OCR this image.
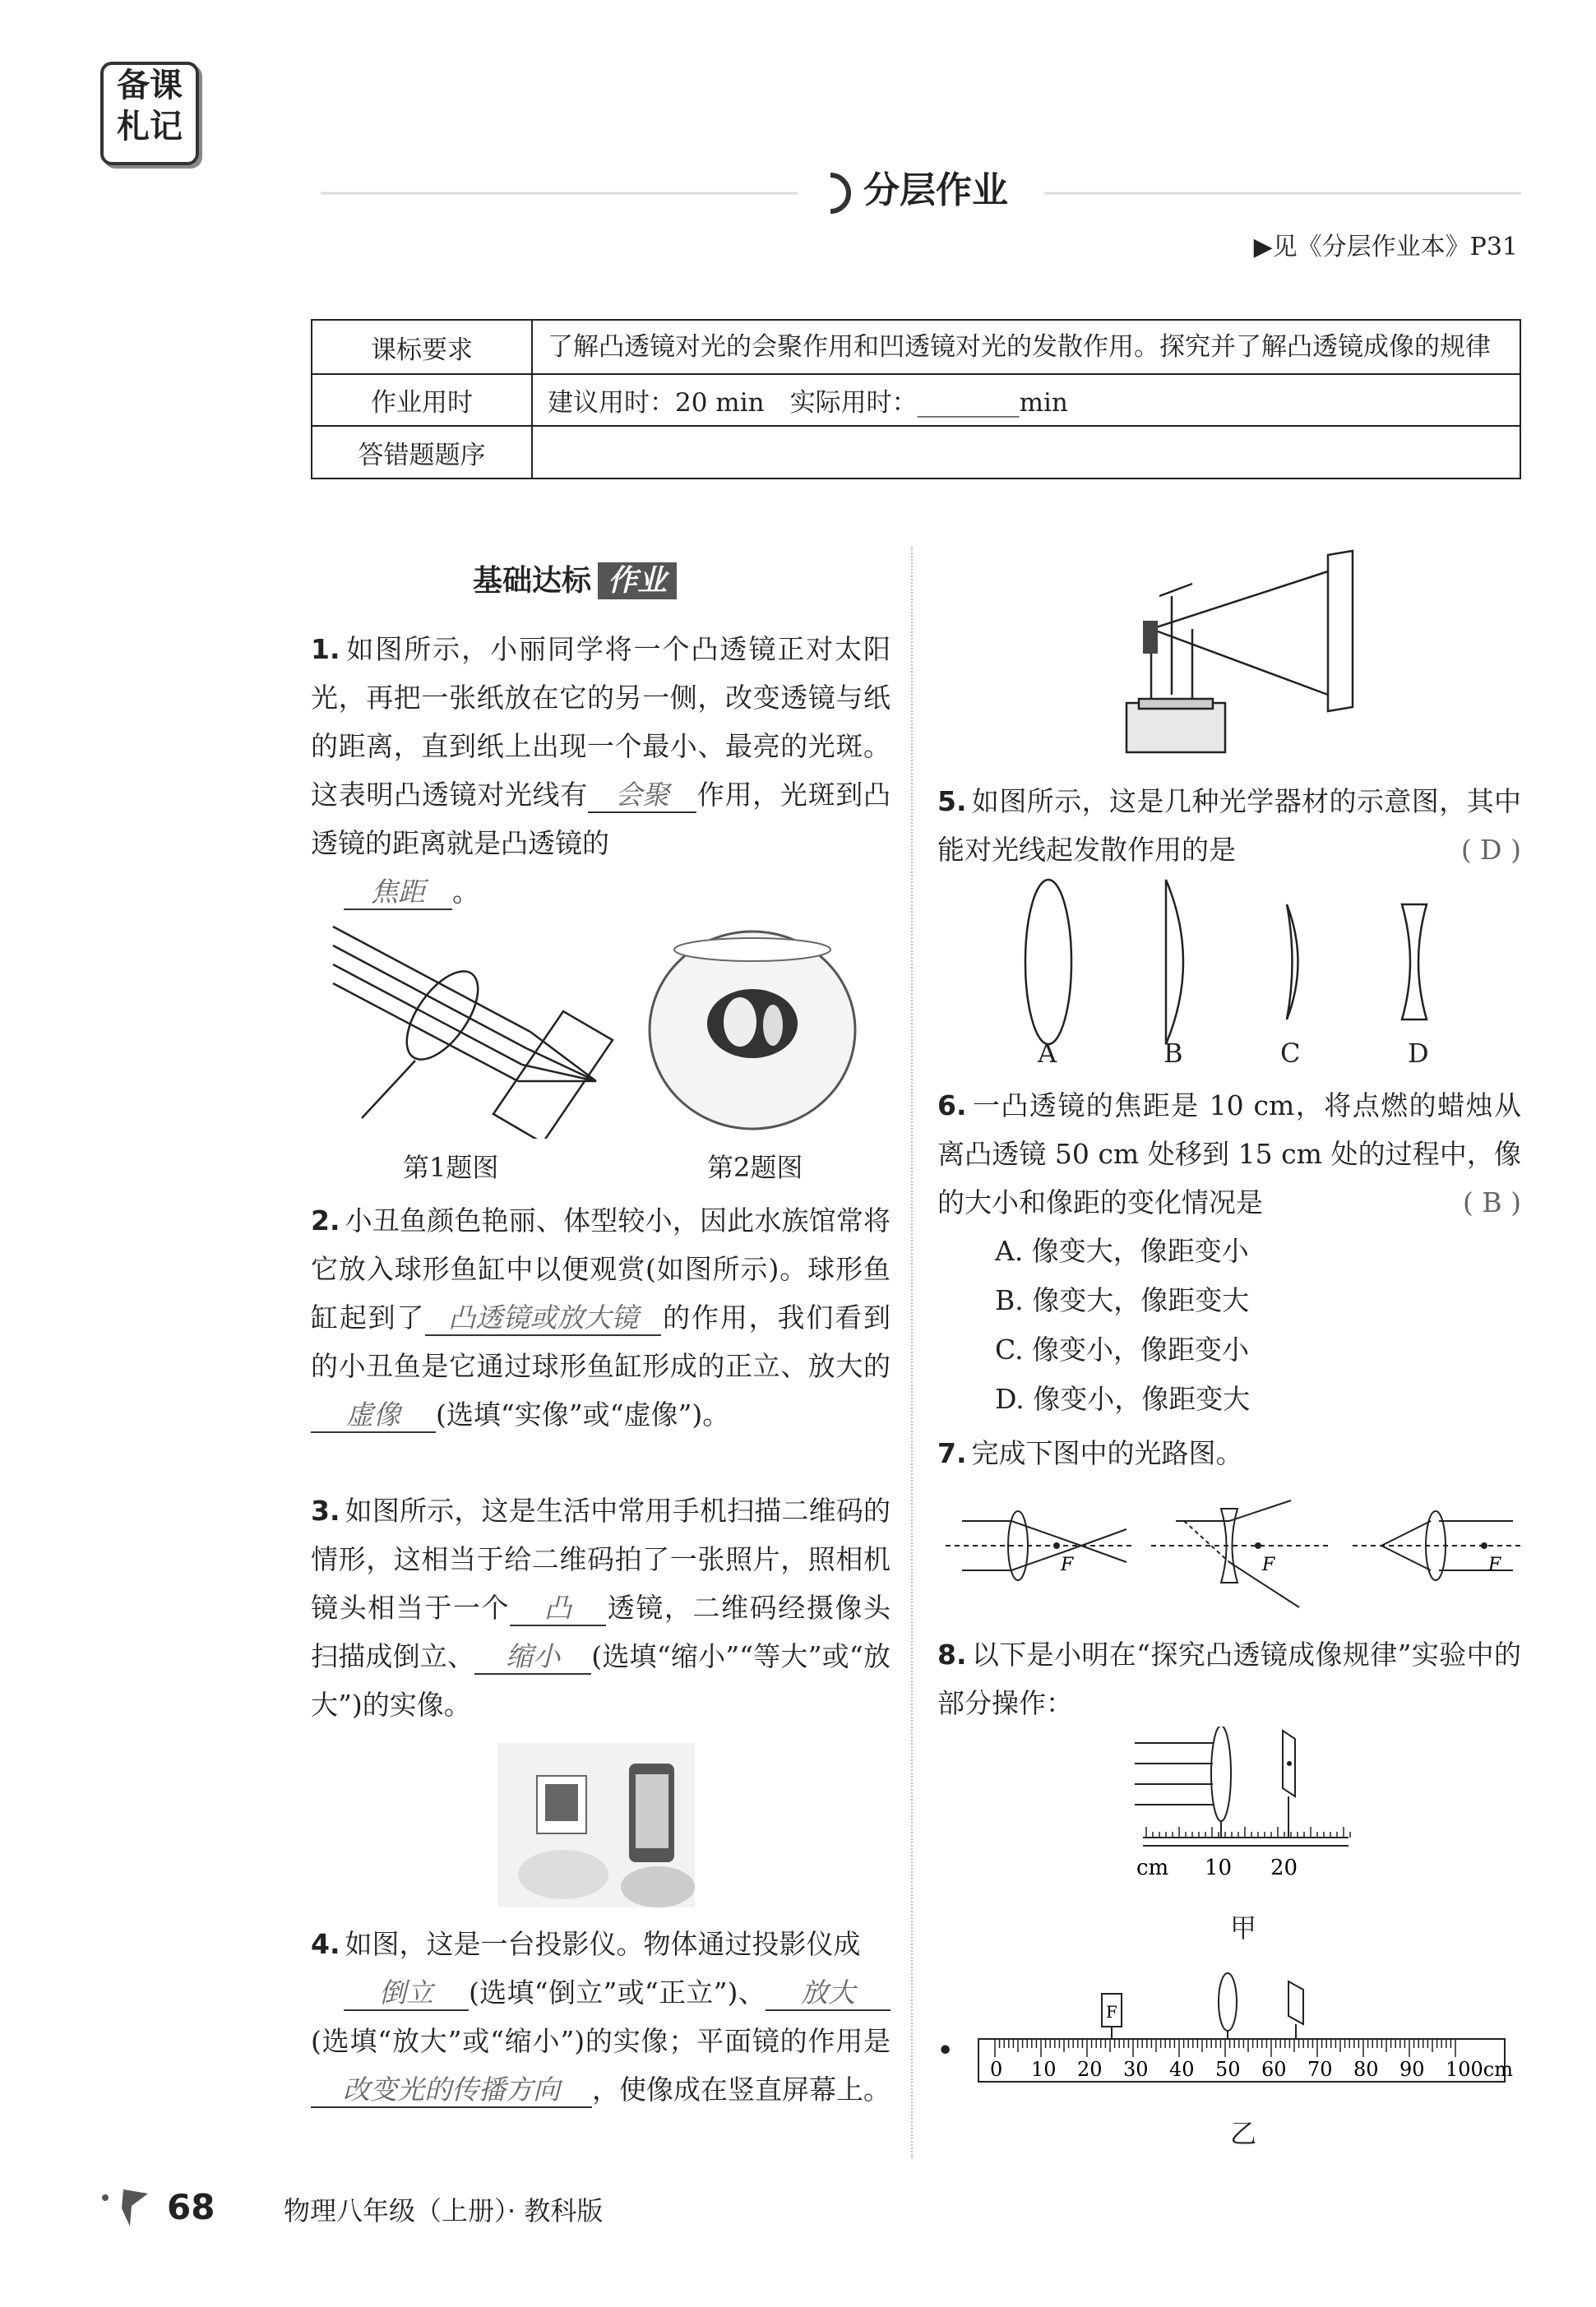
备课
札记
分层作业
▶见《分层作业本》P31
课标要求	了解凸透镜对光的会聚作用和凹透镜对光的发散作用。探究并了解凸透镜成像的规律
作业用时	建议用时：20 min　实际用时：________min
答错题题序	
基础达标 作业
1. 如图所示，小丽同学将一个凸透镜正对太阳光，再把一张纸放在它的另一侧，改变透镜与纸的距离，直到纸上出现一个最小、最亮的光斑。这表明凸透镜对光线有 会聚 作用，光斑到凸透镜的距离就是凸透镜的
焦距 。
第1题图	第2题图
2. 小丑鱼颜色艳丽、体型较小，因此水族馆常将它放入球形鱼缸中以便观赏(如图所示)。球形鱼缸起到了 凸透镜或放大镜 的作用，我们看到的小丑鱼是它通过球形鱼缸形成的正立、放大的虚像 (选填“实像”或“虚像”)。
3. 如图所示，这是生活中常用手机扫描二维码的情形，这相当于给二维码拍了一张照片，照相机镜头相当于一个 凸 透镜，二维码经摄像头扫描成倒立、 缩小 (选填“缩小”“等大”或“放大”)的实像。
4. 如图，这是一台投影仪。物体通过投影仪成
倒立 (选填“倒立”或“正立”)、 放大(选填“放大”或“缩小”)的实像；平面镜的作用是改变光的传播方向 ，使像成在竖直屏幕上。
5. 如图所示，这是几种光学器材的示意图，其中能对光线起发散作用的是	( D )
A	B	C	D
6. 一凸透镜的焦距是 10 cm，将点燃的蜡烛从离凸透镜 50 cm 处移到 15 cm 处的过程中，像的大小和像距的变化情况是	( B )
A. 像变大，像距变小
B. 像变大，像距变大
C. 像变小，像距变小
D. 像变小，像距变大
7. 完成下图中的光路图。
F	F	F
8. 以下是小明在“探究凸透镜成像规律”实验中的部分操作：
cm 10 20
甲
F
0 10 20 30 40 50 60 70 80 90 100cm
•
乙
68	物理八年级（上册）· 教科版
